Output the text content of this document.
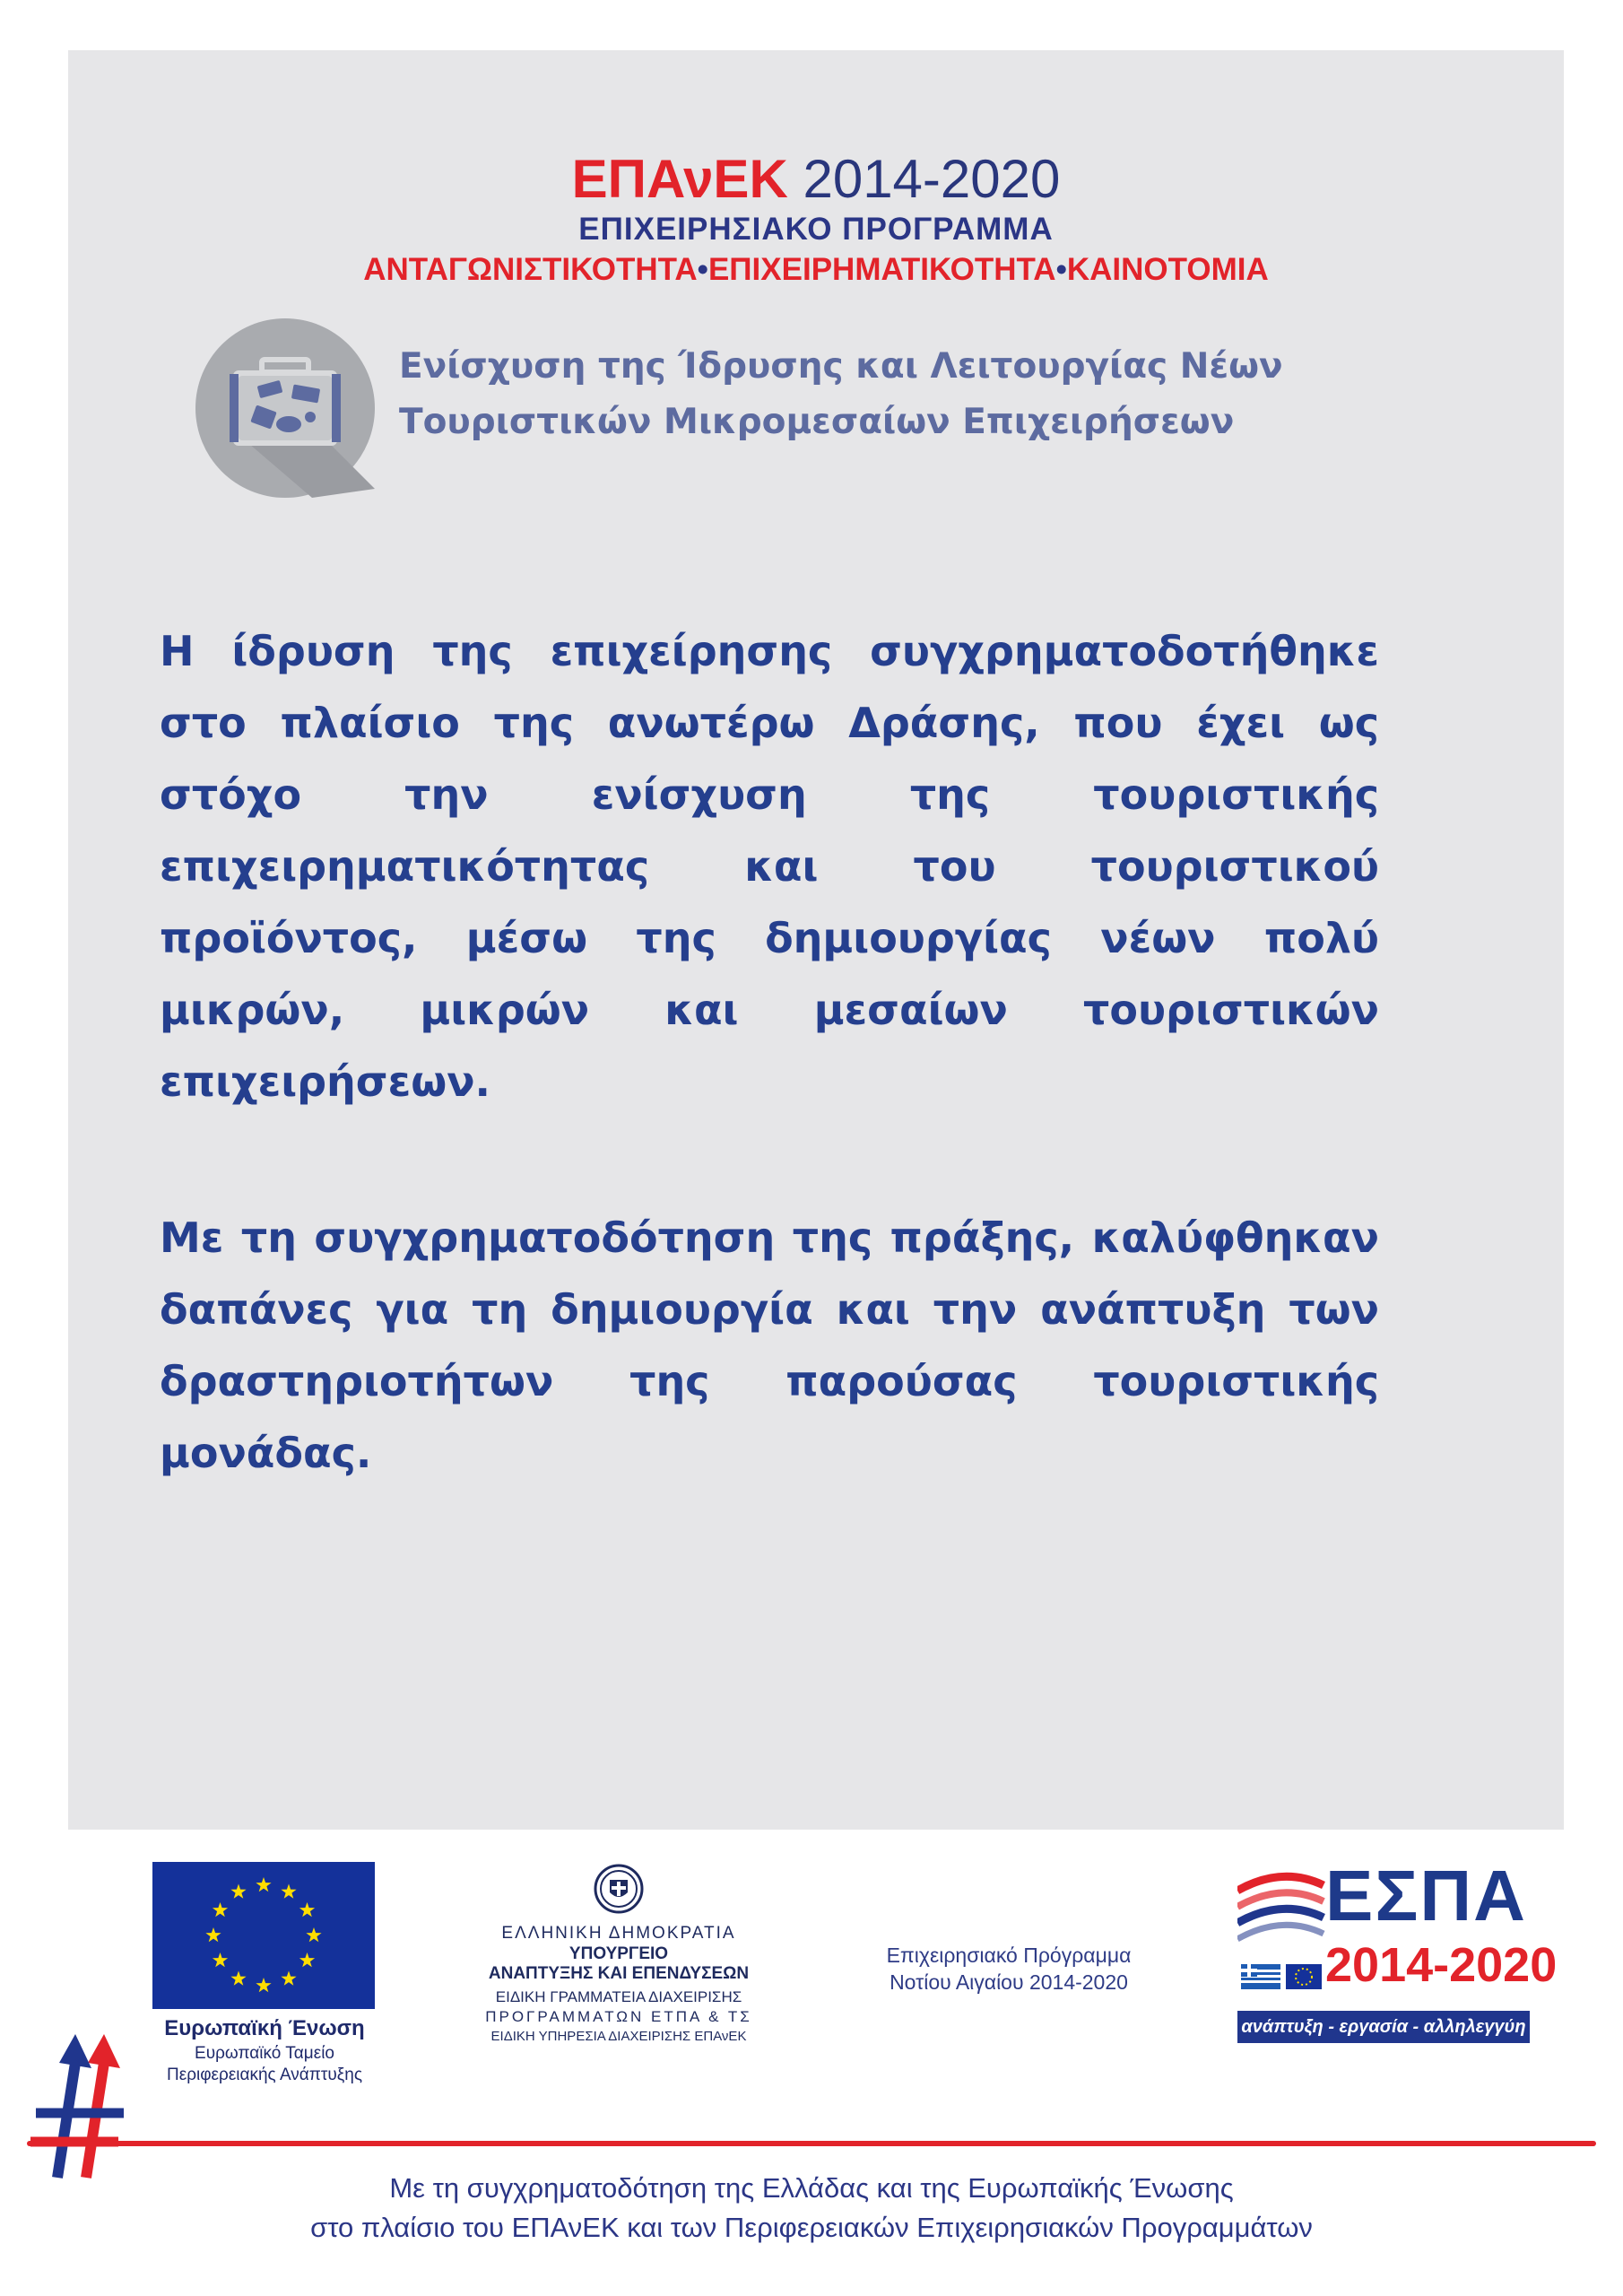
ΕΠΑνΕΚ 2014-2020
ΕΠΙΧΕΙΡΗΣΙΑΚΟ ΠΡΟΓΡΑΜΜΑ
ΑΝΤΑΓΩΝΙΣΤΙΚΟΤΗΤΑ•ΕΠΙΧΕΙΡΗΜΑΤΙΚΟΤΗΤΑ•ΚΑΙΝΟΤΟΜΙΑ
Ενίσχυση της Ίδρυσης και Λειτουργίας Νέων
Τουριστικών Μικρομεσαίων Επιχειρήσεων
Η ίδρυση της επιχείρησης συγχρηματοδοτήθηκε στο πλαίσιο της ανωτέρω Δράσης, που έχει ως στόχο την ενίσχυση της τουριστικής επιχειρηματικότητας και του τουριστικού προϊόντος, μέσω της δημιουργίας νέων πολύ μικρών, μικρών και μεσαίων τουριστικών επιχειρήσεων.
Με τη συγχρηματοδότηση της πράξης, καλύφθηκαν δαπάνες για τη δημιουργία και την ανάπτυξη των δραστηριοτήτων της παρούσας τουριστικής μονάδας.
Ευρωπαϊκή Ένωση
Ευρωπαϊκό Ταμείο
Περιφερειακής Ανάπτυξης
ΕΛΛΗΝΙΚΗ ΔΗΜΟΚΡΑΤΙΑ
ΥΠΟΥΡΓΕΙΟ
ΑΝΑΠΤΥΞΗΣ ΚΑΙ ΕΠΕΝΔΥΣΕΩΝ
ΕΙΔΙΚΗ ΓΡΑΜΜΑΤΕΙΑ ΔΙΑΧΕΙΡΙΣΗΣ
ΠΡΟΓΡΑΜΜΑΤΩΝ ΕΤΠΑ & ΤΣ
ΕΙΔΙΚΗ ΥΠΗΡΕΣΙΑ ΔΙΑΧΕΙΡΙΣΗΣ ΕΠΑνΕΚ
Επιχειρησιακό Πρόγραμμα
Νοτίου Αιγαίου 2014-2020
ΕΣΠΑ
2014-2020
ανάπτυξη - εργασία - αλληλεγγύη
Με τη συγχρηματοδότηση της Ελλάδας και της Ευρωπαϊκής Ένωσης
στο πλαίσιο του ΕΠΑνΕΚ και των Περιφερειακών Επιχειρησιακών Προγραμμάτων
